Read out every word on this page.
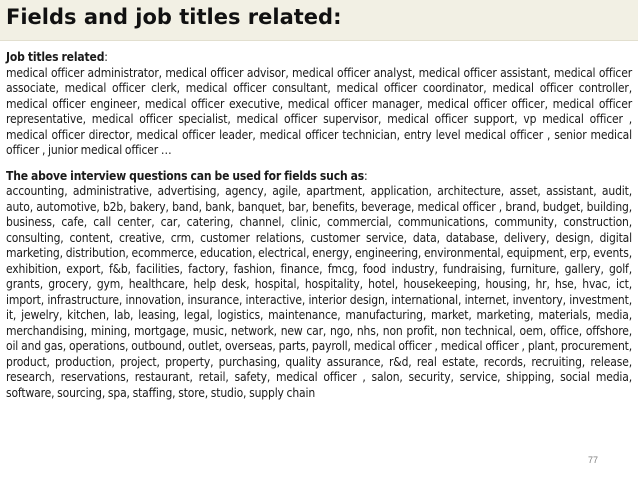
Fields and job titles related:

Job titles related:
medical officer administrator, medical officer advisor, medical officer analyst, medical officer assistant, medical officer associate, medical officer clerk, medical officer consultant, medical officer coordinator, medical officer controller, medical officer engineer, medical officer executive, medical officer manager, medical officer officer, medical officer representative, medical officer specialist, medical officer supervisor, medical officer support, vp medical officer , medical officer director, medical officer leader, medical officer technician, entry level medical officer , senior medical officer , junior medical officer …

The above interview questions can be used for fields such as:
accounting, administrative, advertising, agency, agile, apartment, application, architecture, asset, assistant, audit, auto, automotive, b2b, bakery, band, bank, banquet, bar, benefits, beverage, medical officer , brand, budget, building, business, cafe, call center, car, catering, channel, clinic, commercial, communications, community, construction, consulting, content, creative, crm, customer relations, customer service, data, database, delivery, design, digital marketing, distribution, ecommerce, education, electrical, energy, engineering, environmental, equipment, erp, events, exhibition, export, f&b, facilities, factory, fashion, finance, fmcg, food industry, fundraising, furniture, gallery, golf, grants, grocery, gym, healthcare, help desk, hospital, hospitality, hotel, housekeeping, housing, hr, hse, hvac, ict, import, infrastructure, innovation, insurance, interactive, interior design, international, internet, inventory, investment, it, jewelry, kitchen, lab, leasing, legal, logistics, maintenance, manufacturing, market, marketing, materials, media, merchandising, mining, mortgage, music, network, new car, ngo, nhs, non profit, non technical, oem, office, offshore, oil and gas, operations, outbound, outlet, overseas, parts, payroll, medical officer , medical officer , plant, procurement, product, production, project, property, purchasing, quality assurance, r&d, real estate, records, recruiting, release, research, reservations, restaurant, retail, safety, medical officer , salon, security, service, shipping, social media, software, sourcing, spa, staffing, store, studio, supply chain

77
